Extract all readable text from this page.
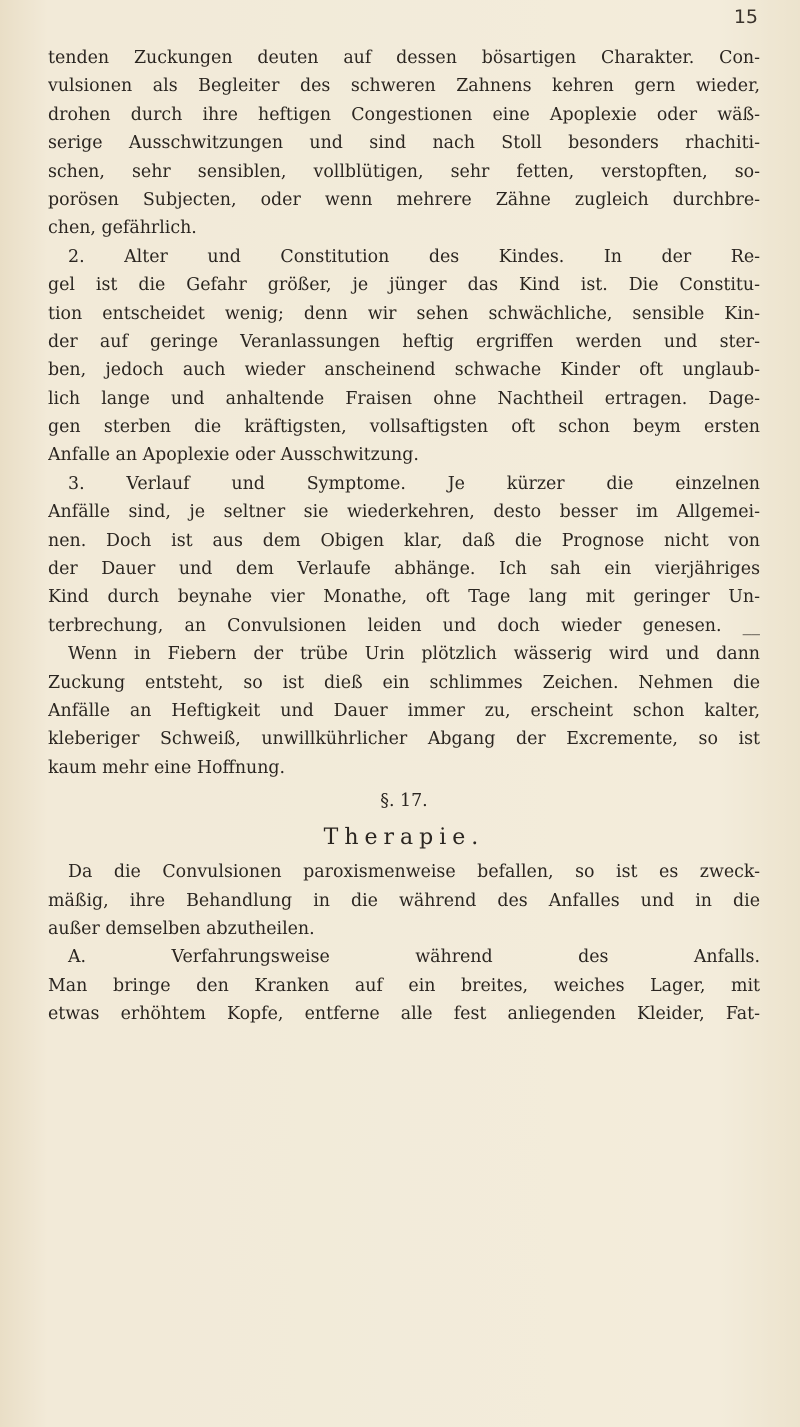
15
tenden Zuckungen deuten auf dessen bösartigen Charakter. Con-
vulsionen als Begleiter des schweren Zahnens kehren gern wieder,
drohen durch ihre heftigen Congestionen eine Apoplexie oder wäß-
serige Ausschwitzungen und sind nach Stoll besonders rhachiti-
schen, sehr sensiblen, vollblütigen, sehr fetten, verstopften, so-
porösen Subjecten, oder wenn mehrere Zähne zugleich durchbre-
chen, gefährlich.
2. Alter und Constitution des Kindes. In der Re-
gel ist die Gefahr größer, je jünger das Kind ist. Die Constitu-
tion entscheidet wenig; denn wir sehen schwächliche, sensible Kin-
der auf geringe Veranlassungen heftig ergriffen werden und ster-
ben, jedoch auch wieder anscheinend schwache Kinder oft unglaub-
lich lange und anhaltende Fraisen ohne Nachtheil ertragen. Dage-
gen sterben die kräftigsten, vollsaftigsten oft schon beym ersten
Anfalle an Apoplexie oder Ausschwitzung.
3. Verlauf und Symptome. Je kürzer die einzelnen
Anfälle sind, je seltner sie wiederkehren, desto besser im Allgemei-
nen. Doch ist aus dem Obigen klar, daß die Prognose nicht von
der Dauer und dem Verlaufe abhänge. Ich sah ein vierjähriges
Kind durch beynahe vier Monathe, oft Tage lang mit geringer Un-
terbrechung, an Convulsionen leiden und doch wieder genesen. __
Wenn in Fiebern der trübe Urin plötzlich wässerig wird und dann
Zuckung entsteht, so ist dieß ein schlimmes Zeichen. Nehmen die
Anfälle an Heftigkeit und Dauer immer zu, erscheint schon kalter,
kleberiger Schweiß, unwillkührlicher Abgang der Excremente, so ist
kaum mehr eine Hoffnung.
§. 17.
Therapie.
Da die Convulsionen paroxismenweise befallen, so ist es zweck-
mäßig, ihre Behandlung in die während des Anfalles und in die
außer demselben abzutheilen.
A. Verfahrungsweise während des Anfalls.
Man bringe den Kranken auf ein breites, weiches Lager, mit
etwas erhöhtem Kopfe, entferne alle fest anliegenden Kleider, Fat-
